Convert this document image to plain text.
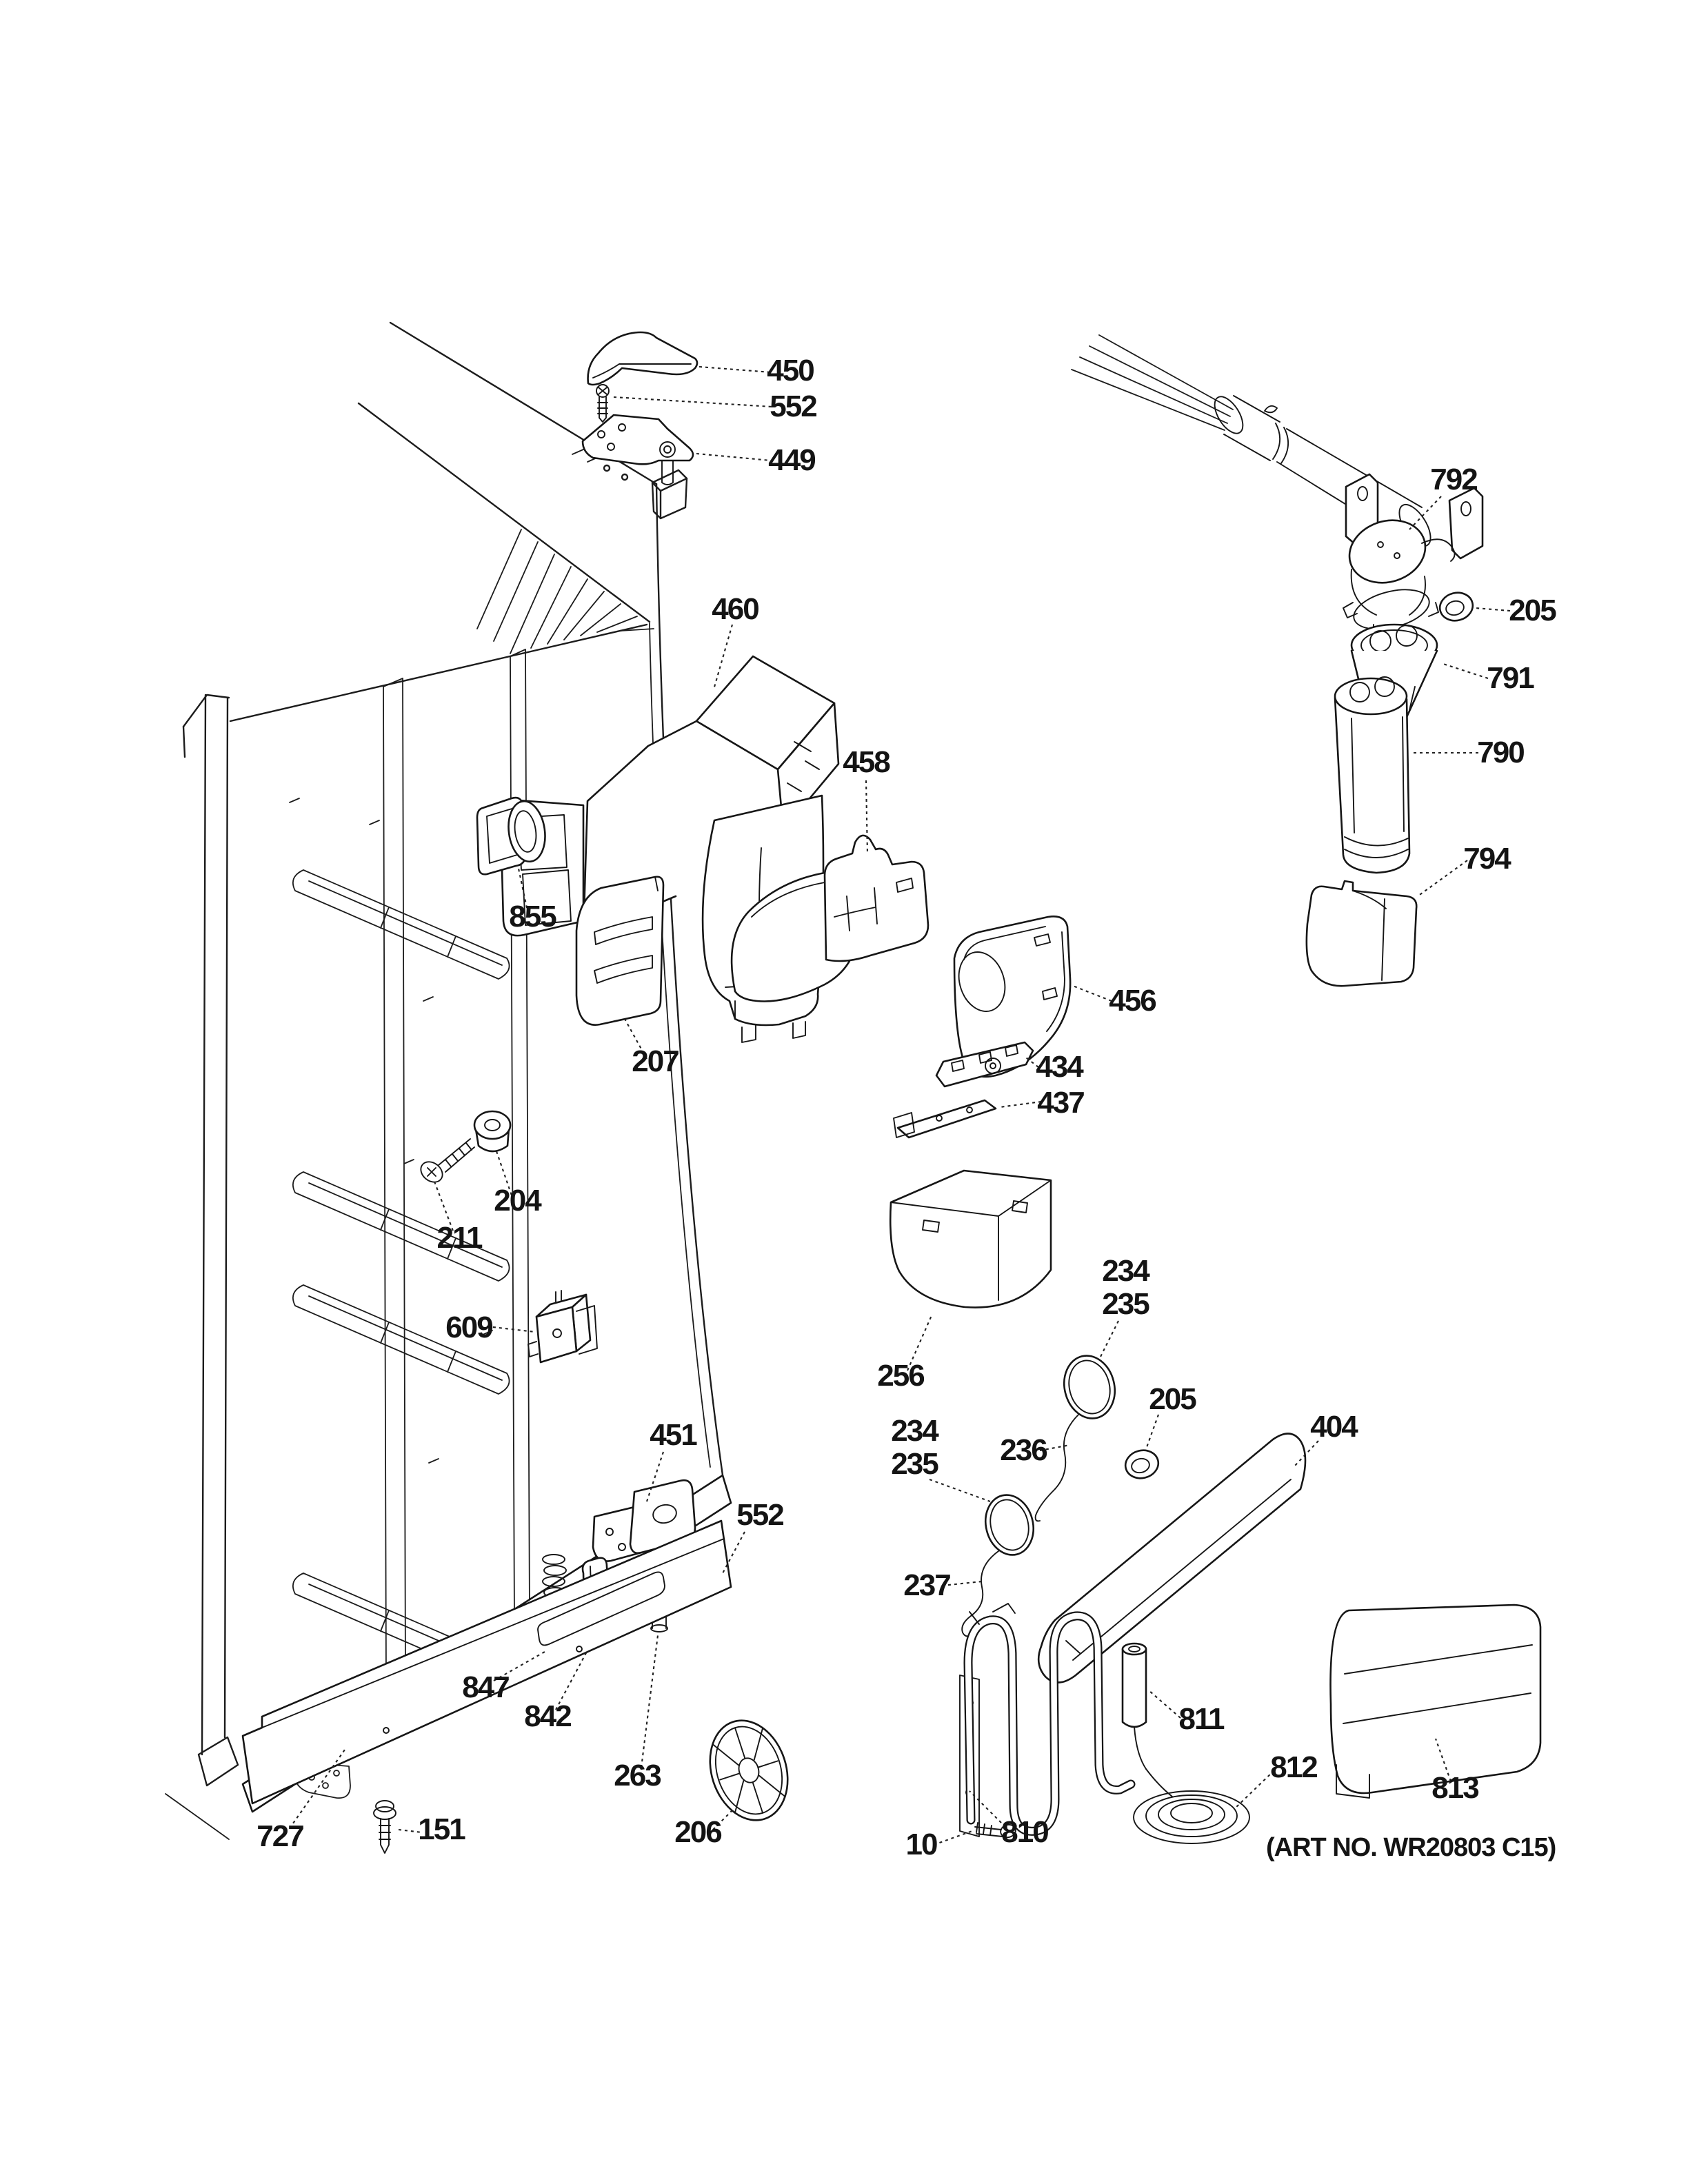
450
552
449
460
458
792
205
791
790
794
855
207
456
434
437
204
211
609
256
234
235
236
205
404
234
235
237
451
552
847
842
263
727	151	206
811
812
813
810
10	(ART NO. WR20803 C15)
